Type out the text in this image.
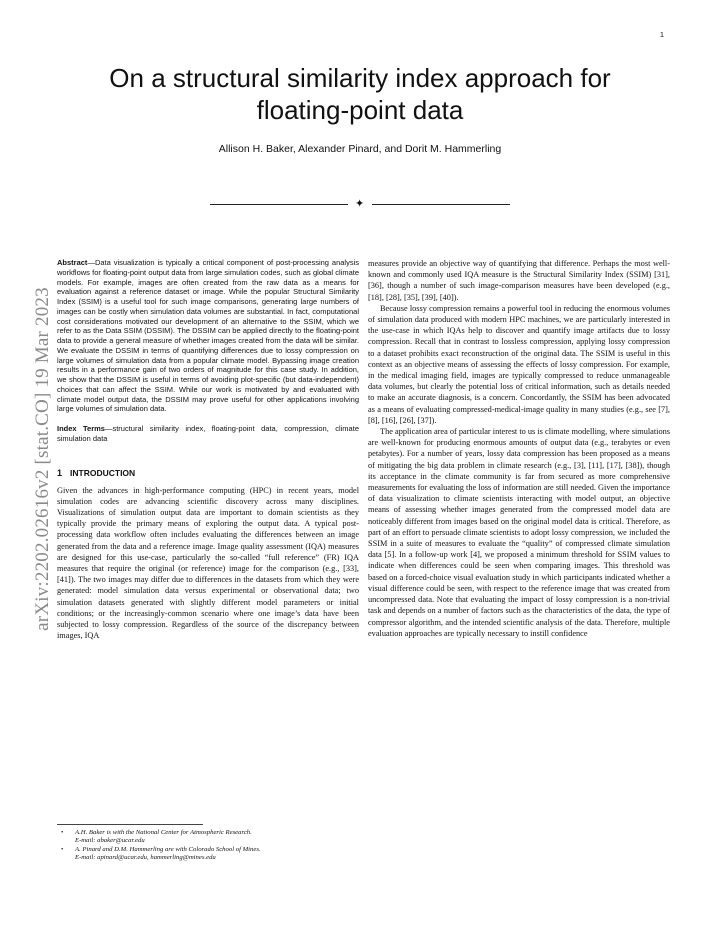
1
On a structural similarity index approach for
floating-point data
Allison H. Baker, Alexander Pinard, and Dorit M. Hammerling
✦
arXiv:2202.02616v2 [stat.CO] 19 Mar 2023

Abstract—Data visualization is typically a critical component of post-processing analysis workflows for floating-point output data from large simulation codes, such as global climate models. For example, images are often created from the raw data as a means for evaluation against a reference dataset or image. While the popular Structural Similarity Index (SSIM) is a useful tool for such image comparisons, generating large numbers of images can be costly when simulation data volumes are substantial. In fact, computational cost considerations motivated our development of an alternative to the SSIM, which we refer to as the Data SSIM (DSSIM). The DSSIM can be applied directly to the floating-point data to provide a general measure of whether images created from the data will be similar. We evaluate the DSSIM in terms of quantifying differences due to lossy compression on large volumes of simulation data from a popular climate model. Bypassing image creation results in a performance gain of two orders of magnitude for this case study. In addition, we show that the DSSIM is useful in terms of avoiding plot-specific (but data-independent) choices that can affect the SSIM. While our work is motivated by and evaluated with climate model output data, the DSSIM may prove useful for other applications involving large volumes of simulation data.

Index Terms—structural similarity index, floating-point data, compression, climate simulation data

1 INTRODUCTION

Given the advances in high-performance computing (HPC) in recent years, model simulation codes are advancing scientific discovery across many disciplines. Visualizations of simulation output data are important to domain scientists as they typically provide the primary means of exploring the output data. A typical post-processing data workflow often includes evaluating the differences between an image generated from the data and a reference image. Image quality assessment (IQA) measures are designed for this use-case, particularly the so-called “full reference” (FR) IQA measures that require the original (or reference) image for the comparison (e.g., [33], [41]). The two images may differ due to differences in the datasets from which they were generated: model simulation data versus experimental or observational data; two simulation datasets generated with slightly different model parameters or initial conditions; or the increasingly-common scenario where one image’s data have been subjected to lossy compression. Regardless of the source of the discrepancy between images, IQA

measures provide an objective way of quantifying that difference. Perhaps the most well-known and commonly used IQA measure is the Structural Similarity Index (SSIM) [31], [36], though a number of such image-comparison measures have been developed (e.g., [18], [28], [35], [39], [40]).

Because lossy compression remains a powerful tool in reducing the enormous volumes of simulation data produced with modern HPC machines, we are particularly interested in the use-case in which IQAs help to discover and quantify image artifacts due to lossy compression. Recall that in contrast to lossless compression, applying lossy compression to a dataset prohibits exact reconstruction of the original data. The SSIM is useful in this context as an objective means of assessing the effects of lossy compression. For example, in the medical imaging field, images are typically compressed to reduce unmanageable data volumes, but clearly the potential loss of critical information, such as details needed to make an accurate diagnosis, is a concern. Concordantly, the SSIM has been advocated as a means of evaluating compressed-medical-image quality in many studies (e.g., see [7], [8], [16], [26], [37]).

The application area of particular interest to us is climate modelling, where simulations are well-known for producing enormous amounts of output data (e.g., terabytes or even petabytes). For a number of years, lossy data compression has been proposed as a means of mitigating the big data problem in climate research (e.g., [3], [11], [17], [38]), though its acceptance in the climate community is far from secured as more comprehensive measurements for evaluating the loss of information are still needed. Given the importance of data visualization to climate scientists interacting with model output, an objective means of assessing whether images generated from the compressed model data are noticeably different from images based on the original model data is critical. Therefore, as part of an effort to persuade climate scientists to adopt lossy compression, we included the SSIM in a suite of measures to evaluate the “quality” of compressed climate simulation data [5]. In a follow-up work [4], we proposed a minimum threshold for SSIM values to indicate when differences could be seen when comparing images. This threshold was based on a forced-choice visual evaluation study in which participants indicated whether a visual difference could be seen, with respect to the reference image that was created from uncompressed data. Note that evaluating the impact of lossy compression is a non-trivial task and depends on a number of factors such as the characteristics of the data, the type of compressor algorithm, and the intended scientific analysis of the data. Therefore, multiple evaluation approaches are typically necessary to instill confidence

• A.H. Baker is with the National Center for Atmospheric Research.
E-mail: abaker@ucar.edu
• A. Pinard and D.M. Hammerling are with Colorado School of Mines.
E-mail: apinard@ucar.edu, hammerling@mines.edu
